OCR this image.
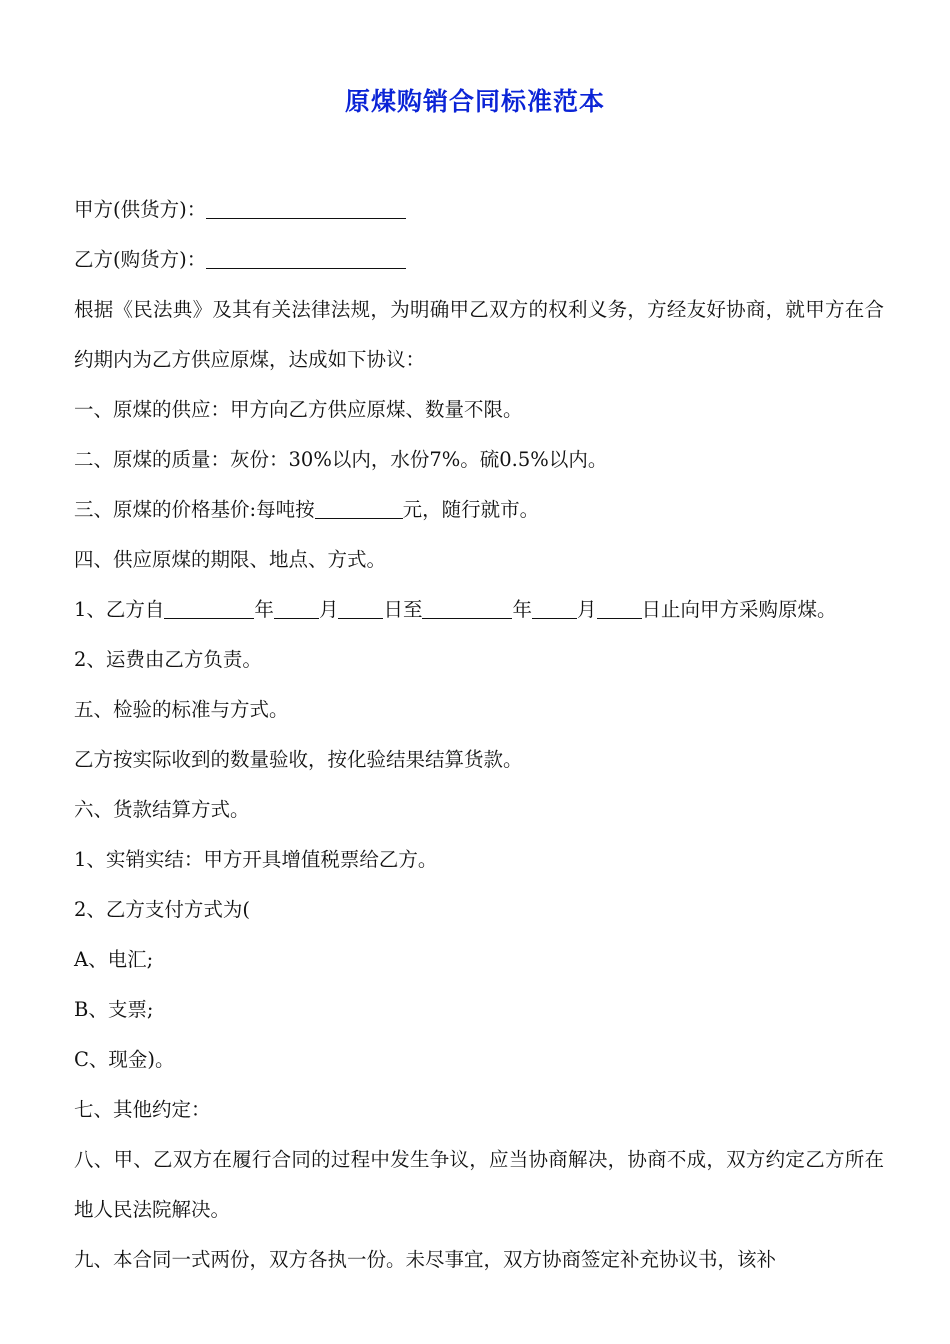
原煤购销合同标准范本

甲方(供货方)：

乙方(购货方)：

根据《民法典》及其有关法律法规，为明确甲乙双方的权利义务，方经友好协商，就甲方在合约期内为乙方供应原煤，达成如下协议：

一、原煤的供应：甲方向乙方供应原煤、数量不限。

二、原煤的质量：灰份：30%以内，水份7%。硫0.5%以内。

三、原煤的价格基价:每吨按	元，随行就市。

四、供应原煤的期限、地点、方式。

1、乙方自	年 月 日至	年 月 日止向甲方采购原煤。

2、运费由乙方负责。

五、检验的标准与方式。

乙方按实际收到的数量验收，按化验结果结算货款。

六、货款结算方式。

1、实销实结：甲方开具增值税票给乙方。

2、乙方支付方式为(

A、电汇;

B、支票;

C、现金)。

七、其他约定：

八、甲、乙双方在履行合同的过程中发生争议，应当协商解决，协商不成，双方约定乙方所在地人民法院解决。

九、本合同一式两份，双方各执一份。未尽事宜，双方协商签定补充协议书，该补
